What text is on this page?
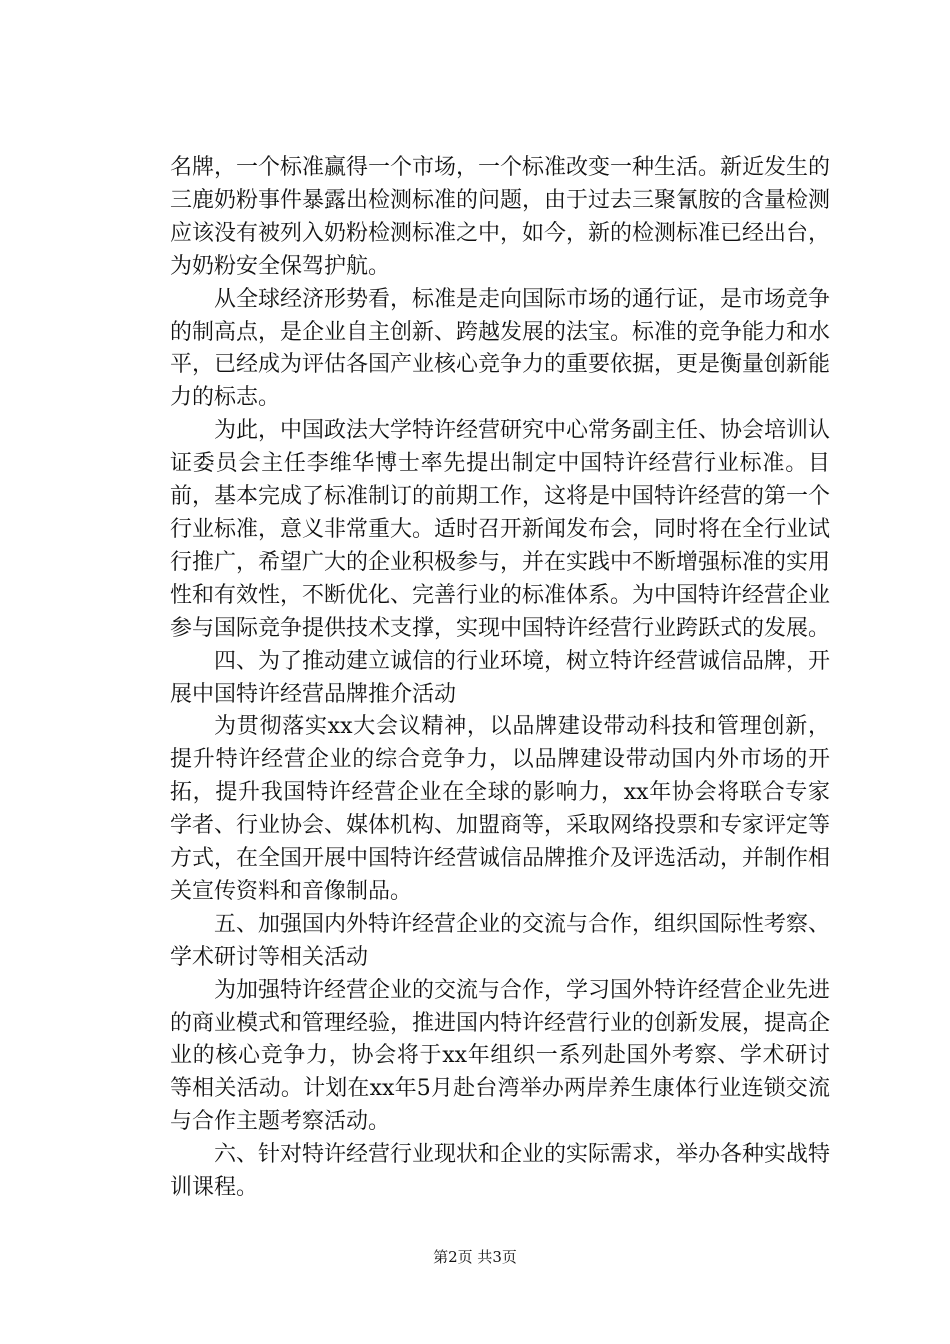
名牌，一个标准赢得一个市场，一个标准改变一种生活。新近发生的三鹿奶粉事件暴露出检测标准的问题，由于过去三聚氰胺的含量检测应该没有被列入奶粉检测标准之中，如今，新的检测标准已经出台，为奶粉安全保驾护航。

从全球经济形势看，标准是走向国际市场的通行证，是市场竞争的制高点，是企业自主创新、跨越发展的法宝。标准的竞争能力和水平，已经成为评估各国产业核心竞争力的重要依据，更是衡量创新能力的标志。

为此，中国政法大学特许经营研究中心常务副主任、协会培训认证委员会主任李维华博士率先提出制定中国特许经营行业标准。目前，基本完成了标准制订的前期工作，这将是中国特许经营的第一个行业标准，意义非常重大。适时召开新闻发布会，同时将在全行业试行推广，希望广大的企业积极参与，并在实践中不断增强标准的实用性和有效性，不断优化、完善行业的标准体系。为中国特许经营企业参与国际竞争提供技术支撑，实现中国特许经营行业跨跃式的发展。

四、为了推动建立诚信的行业环境，树立特许经营诚信品牌，开展中国特许经营品牌推介活动

为贯彻落实xx大会议精神，以品牌建设带动科技和管理创新，提升特许经营企业的综合竞争力，以品牌建设带动国内外市场的开拓，提升我国特许经营企业在全球的影响力，xx年协会将联合专家学者、行业协会、媒体机构、加盟商等，采取网络投票和专家评定等方式，在全国开展中国特许经营诚信品牌推介及评选活动，并制作相关宣传资料和音像制品。

五、加强国内外特许经营企业的交流与合作，组织国际性考察、学术研讨等相关活动

为加强特许经营企业的交流与合作，学习国外特许经营企业先进的商业模式和管理经验，推进国内特许经营行业的创新发展，提高企业的核心竞争力，协会将于xx年组织一系列赴国外考察、学术研讨等相关活动。计划在xx年5月赴台湾举办两岸养生康体行业连锁交流与合作主题考察活动。

六、针对特许经营行业现状和企业的实际需求，举办各种实战特训课程。

第2页 共3页
